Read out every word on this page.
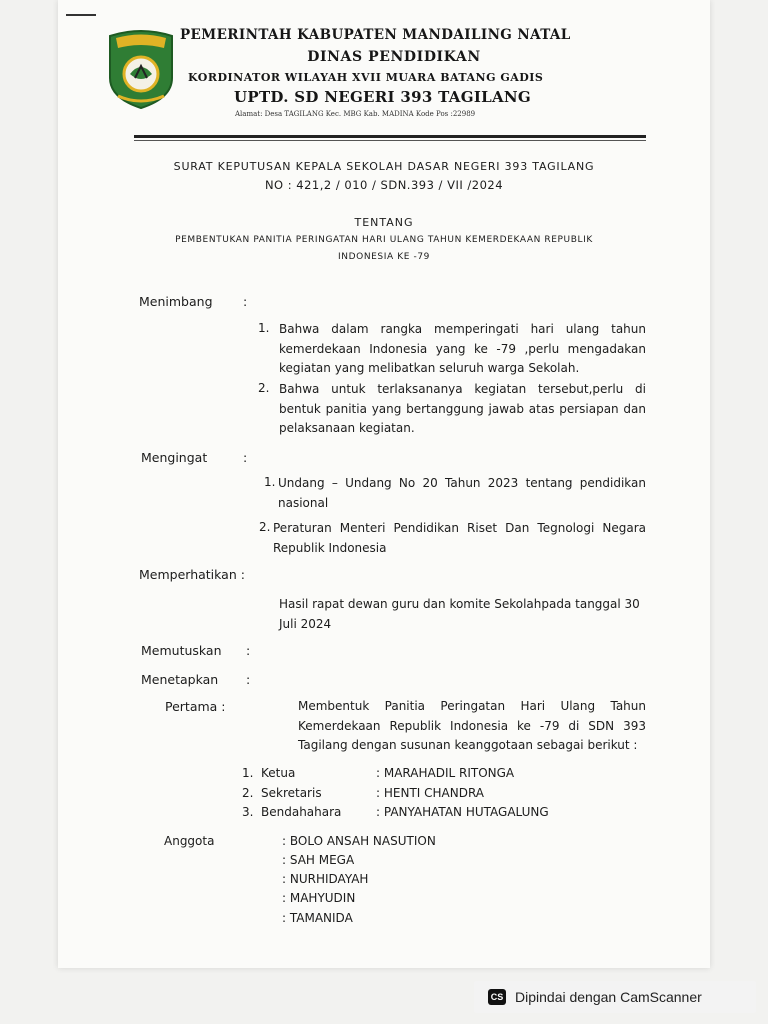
PEMERINTAH KABUPATEN MANDAILING NATAL
DINAS PENDIDIKAN
KORDINATOR WILAYAH XVII MUARA BATANG GADIS
UPTD. SD NEGERI 393 TAGILANG
Alamat: Desa TAGILANG Kec. MBG Kab. MADINA Kode Pos :22989
SURAT KEPUTUSAN KEPALA SEKOLAH DASAR NEGERI 393 TAGILANG
NO : 421,2 / 010 / SDN.393 / VII /2024
TENTANG
PEMBENTUKAN PANITIA PERINGATAN HARI ULANG TAHUN KEMERDEKAAN REPUBLIK
INDONESIA KE -79
Menimbang :
1. Bahwa dalam rangka memperingati hari ulang tahun kemerdekaan Indonesia yang ke -79 ,perlu mengadakan kegiatan yang melibatkan seluruh warga Sekolah.
2. Bahwa untuk terlaksananya kegiatan tersebut,perlu di bentuk panitia yang bertanggung jawab atas persiapan dan pelaksanaan kegiatan.
Mengingat	:
1. Undang – Undang No 20 Tahun 2023 tentang pendidikan nasional
2. Peraturan Menteri Pendidikan Riset Dan Tegnologi Negara Republik Indonesia
Memperhatikan :
Hasil rapat dewan guru dan komite Sekolahpada tanggal 30 Juli 2024
Memutuskan :
Menetapkan :
Pertama :	Membentuk Panitia Peringatan Hari Ulang Tahun Kemerdekaan Republik Indonesia ke -79 di SDN 393 Tagilang dengan susunan keanggotaan sebagai berikut :
1. Ketua	: MARAHADIL RITONGA
2. Sekretaris	: HENTI CHANDRA
3. Bendahahara	: PANYAHATAN HUTAGALUNG
Anggota	: BOLO ANSAH NASUTION
: SAH MEGA
: NURHIDAYAH
: MAHYUDIN
: TAMANIDA
CS Dipindai dengan CamScanner
